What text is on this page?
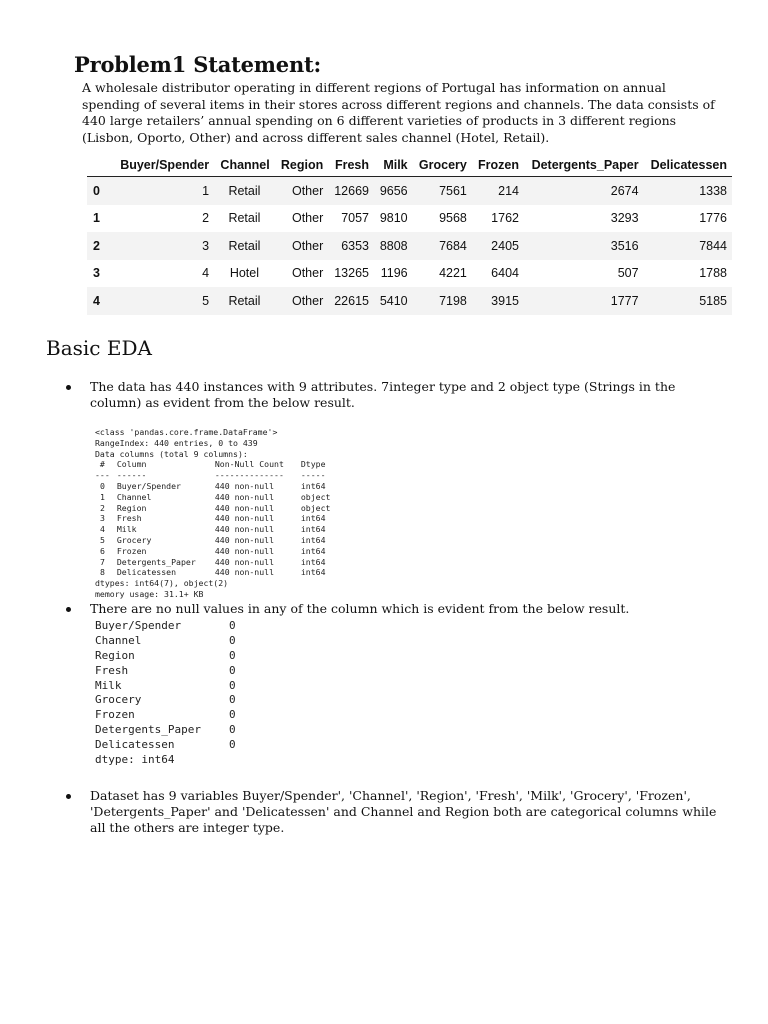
Problem1 Statement:

A wholesale distributor operating in different regions of Portugal has information on annual spending of several items in their stores across different regions and channels. The data consists of 440 large retailers’ annual spending on 6 different varieties of products in 3 different regions (Lisbon, Oporto, Other) and across different sales channel (Hotel, Retail).

	Buyer/Spender	Channel	Region	Fresh	Milk	Grocery	Frozen	Detergents_Paper	Delicatessen
0	1	Retail	Other	12669	9656	7561	214	2674	1338
1	2	Retail	Other	7057	9810	9568	1762	3293	1776
2	3	Retail	Other	6353	8808	7684	2405	3516	7844
3	4	Hotel	Other	13265	1196	4221	6404	507	1788
4	5	Retail	Other	22615	5410	7198	3915	1777	5185
Basic EDA
The data has 440 instances with 9 attributes. 7integer type and 2 object type (Strings in the column) as evident from the below result.
<class 'pandas.core.frame.DataFrame'>
RangeIndex: 440 entries, 0 to 439
Data columns (total 9 columns):
# Column	Non-Null Count Dtype
--- ------	-------------- -----
0 Buyer/Spender	440 non-null	int64
1 Channel	440 non-null	object
2 Region	440 non-null	object
3 Fresh	440 non-null	int64
4 Milk	440 non-null	int64
5 Grocery	440 non-null	int64
6 Frozen	440 non-null	int64
7 Detergents_Paper 440 non-null	int64
8 Delicatessen	440 non-null	int64
dtypes: int64(7), object(2)
memory usage: 31.1+ KB
There are no null values in any of the column which is evident from the below result.
Buyer/Spender	0
Channel	0
Region	0
Fresh	0
Milk	0
Grocery	0
Frozen	0
Detergents_Paper	0
Delicatessen	0
dtype: int64
Dataset has 9 variables Buyer/Spender', 'Channel', 'Region', 'Fresh', 'Milk', 'Grocery', 'Frozen', 'Detergents_Paper' and 'Delicatessen' and Channel and Region both are categorical columns while all the others are integer type.
